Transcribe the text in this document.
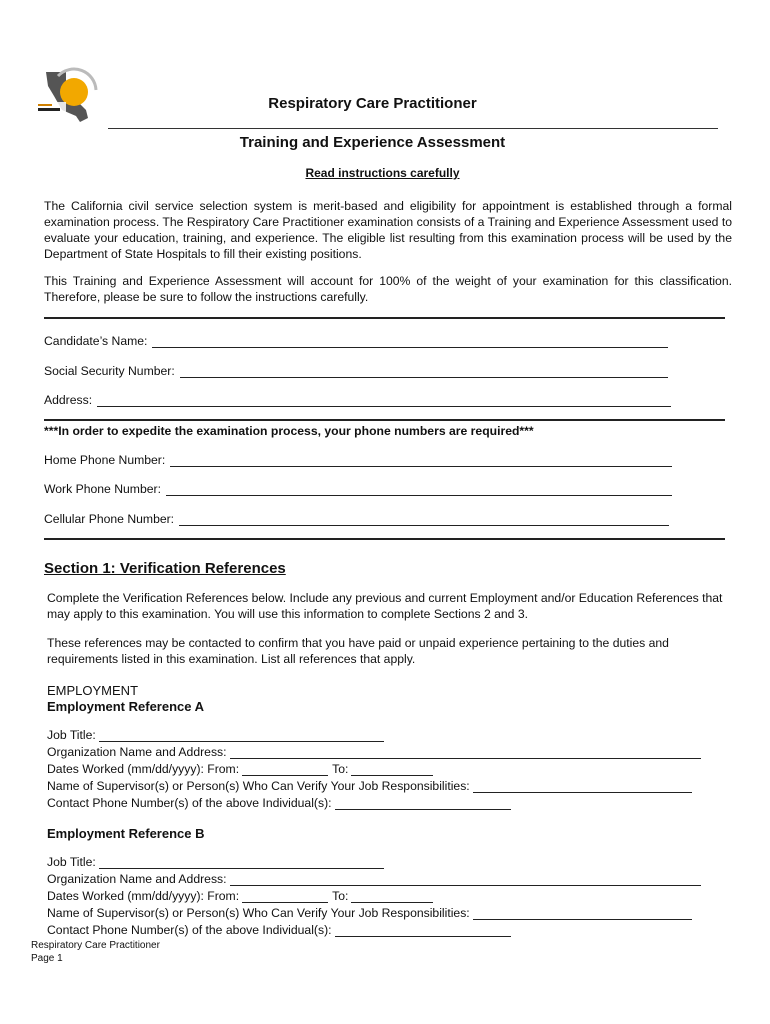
Respiratory Care Practitioner
Training and Experience Assessment
Read instructions carefully
The California civil service selection system is merit-based and eligibility for appointment is established through a formal examination process. The Respiratory Care Practitioner examination consists of a Training and Experience Assessment used to evaluate your education, training, and experience. The eligible list resulting from this examination process will be used by the Department of State Hospitals to fill their existing positions.
This Training and Experience Assessment will account for 100% of the weight of your examination for this classification. Therefore, please be sure to follow the instructions carefully.
Candidate’s Name:
Social Security Number:
Address:
***In order to expedite the examination process, your phone numbers are required***
Home Phone Number:
Work Phone Number:
Cellular Phone Number:
Section 1: Verification References
Complete the Verification References below. Include any previous and current Employment and/or Education References that may apply to this examination. You will use this information to complete Sections 2 and 3.
These references may be contacted to confirm that you have paid or unpaid experience pertaining to the duties and requirements listed in this examination. List all references that apply.
EMPLOYMENT
Employment Reference A
Job Title:
Organization Name and Address:
Dates Worked (mm/dd/yyyy): From:	To:
Name of Supervisor(s) or Person(s) Who Can Verify Your Job Responsibilities:
Contact Phone Number(s) of the above Individual(s):
Employment Reference B
Job Title:
Organization Name and Address:
Dates Worked (mm/dd/yyyy): From:	To:
Name of Supervisor(s) or Person(s) Who Can Verify Your Job Responsibilities:
Contact Phone Number(s) of the above Individual(s):
Respiratory Care Practitioner
Page 1
